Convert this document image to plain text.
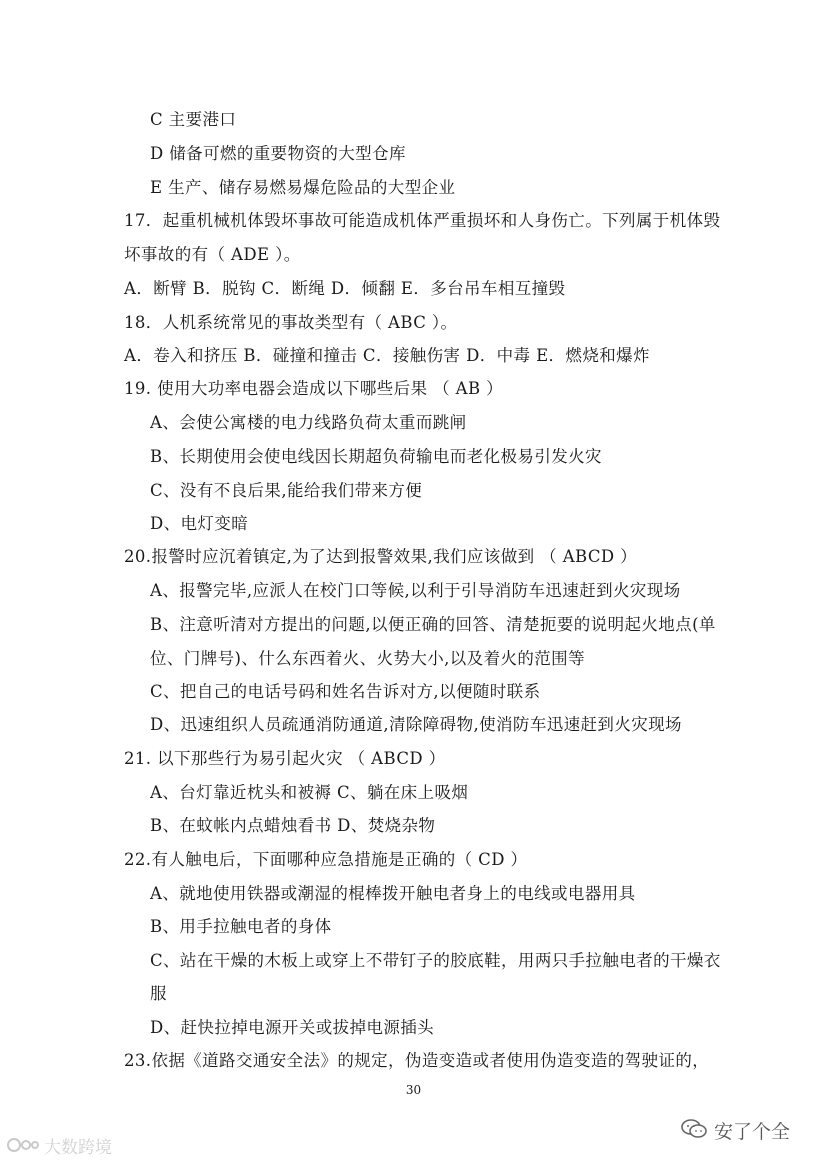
C 主要港口
D 储备可燃的重要物资的大型仓库
E 生产、储存易燃易爆危险品的大型企业
17．起重机械机体毁坏事故可能造成机体严重损坏和人身伤亡。下列属于机体毁
坏事故的有（ ADE ）。
A．断臂 B．脱钩 C．断绳 D．倾翻 E．多台吊车相互撞毁
18．人机系统常见的事故类型有（ ABC ）。
A．卷入和挤压 B．碰撞和撞击 C．接触伤害 D．中毒 E．燃烧和爆炸
19. 使用大功率电器会造成以下哪些后果 （ AB ）
A、会使公寓楼的电力线路负荷太重而跳闸
B、长期使用会使电线因长期超负荷输电而老化极易引发火灾
C、没有不良后果,能给我们带来方便
D、电灯变暗
20.报警时应沉着镇定,为了达到报警效果,我们应该做到 （ ABCD ）
A、报警完毕,应派人在校门口等候,以利于引导消防车迅速赶到火灾现场
B、注意听清对方提出的问题,以便正确的回答、清楚扼要的说明起火地点(单
位、门牌号)、什么东西着火、火势大小,以及着火的范围等
C、把自己的电话号码和姓名告诉对方,以便随时联系
D、迅速组织人员疏通消防通道,清除障碍物,使消防车迅速赶到火灾现场
21. 以下那些行为易引起火灾 （ ABCD ）
A、台灯靠近枕头和被褥 C、躺在床上吸烟
B、在蚊帐内点蜡烛看书 D、焚烧杂物
22.有人触电后，下面哪种应急措施是正确的（ CD ）
A、就地使用铁器或潮湿的棍棒拨开触电者身上的电线或电器用具
B、用手拉触电者的身体
C、站在干燥的木板上或穿上不带钉子的胶底鞋，用两只手拉触电者的干燥衣
服
D、赶快拉掉电源开关或拔掉电源插头
23.依据《道路交通安全法》的规定，伪造变造或者使用伪造变造的驾驶证的，
30
大数跨境
安了个全
